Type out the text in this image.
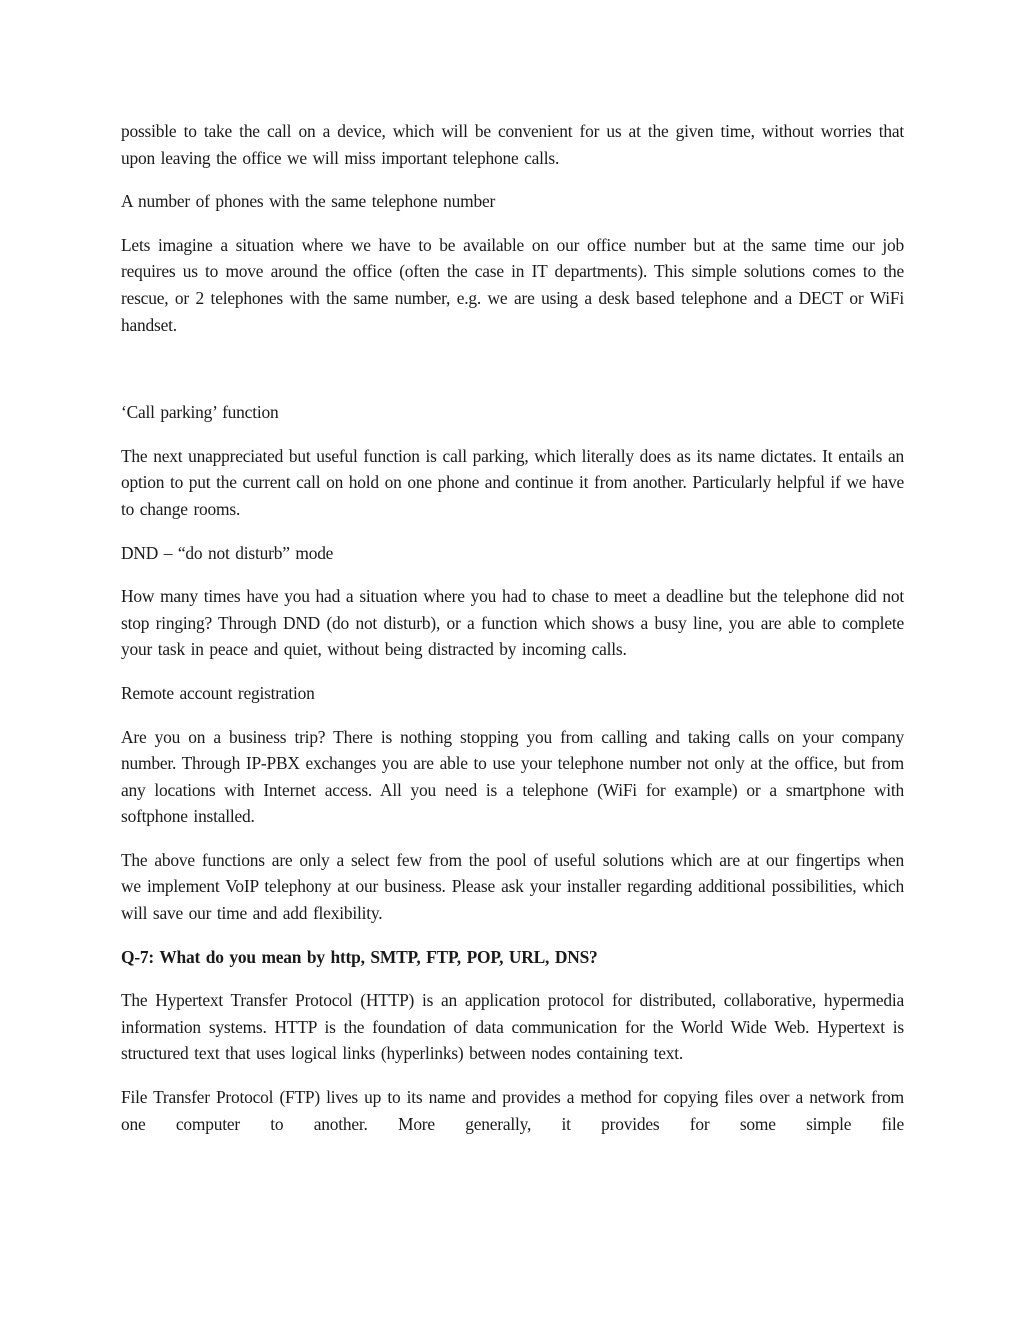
possible to take the call on a device, which will be convenient for us at the given time, without worries that upon leaving the office we will miss important telephone calls.

A number of phones with the same telephone number

Lets imagine a situation where we have to be available on our office number but at the same time our job requires us to move around the office (often the case in IT departments). This simple solutions comes to the rescue, or 2 telephones with the same number, e.g. we are using a desk based telephone and a DECT or WiFi handset.

‘Call parking’ function

The next unappreciated but useful function is call parking, which literally does as its name dictates. It entails an option to put the current call on hold on one phone and continue it from another. Particularly helpful if we have to change rooms.

DND – “do not disturb” mode

How many times have you had a situation where you had to chase to meet a deadline but the telephone did not stop ringing? Through DND (do not disturb), or a function which shows a busy line, you are able to complete your task in peace and quiet, without being distracted by incoming calls.

Remote account registration

Are you on a business trip? There is nothing stopping you from calling and taking calls on your company number. Through IP-PBX exchanges you are able to use your telephone number not only at the office, but from any locations with Internet access. All you need is a telephone (WiFi for example) or a smartphone with softphone installed.

The above functions are only a select few from the pool of useful solutions which are at our fingertips when we implement VoIP telephony at our business. Please ask your installer regarding additional possibilities, which will save our time and add flexibility.

Q-7: What do you mean by http, SMTP, FTP, POP, URL, DNS?

The Hypertext Transfer Protocol (HTTP) is an application protocol for distributed, collaborative, hypermedia information systems. HTTP is the foundation of data communication for the World Wide Web. Hypertext is structured text that uses logical links (hyperlinks) between nodes containing text.

File Transfer Protocol (FTP) lives up to its name and provides a method for copying files over a network from one computer to another. More generally, it provides for some simple file
